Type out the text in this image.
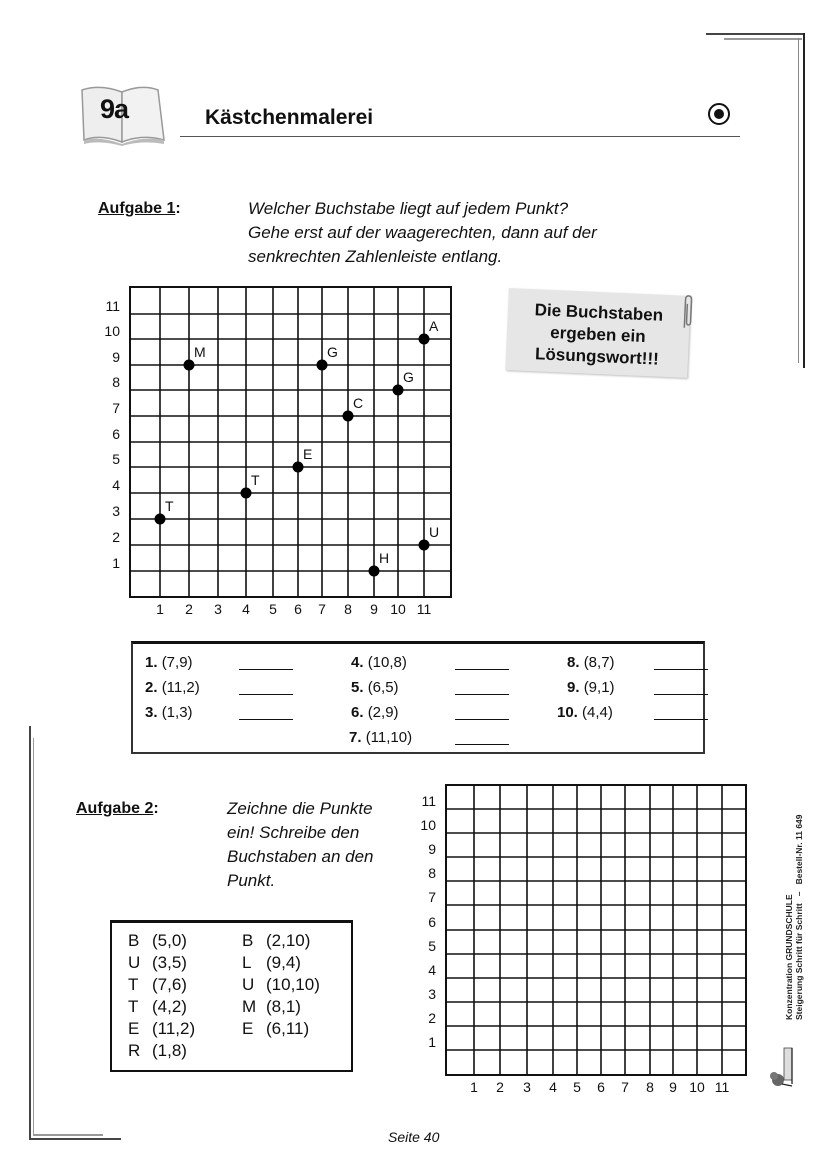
9a	Kästchenmalerei
Aufgabe 1:	Welcher Buchstabe liegt auf jedem Punkt?
Gehe erst auf der waagerechten, dann auf der
senkrechten Zahlenleiste entlang.
1 2 3 4 5 6 7 8 9 10 11
1
2
3
4
5
6
7
8
9
10
11
T
M
T
E
G
C
H
G
A
U
Die Buchstaben
ergeben ein
Lösungswort!!!
1. (7,9)
2. (11,2)
3. (1,3)
4. (10,8)
5. (6,5)
6. (2,9)
7. (11,10)
8. (8,7)
9. (9,1)
10. (4,4)
Aufgabe 2:	Zeichne die Punkte
ein! Schreibe den
Buchstaben an den
Punkt.
B (5,0)
U (3,5)
T (7,6)
T (4,2)
E (11,2)
R (1,8)
B (2,10)
L (9,4)
U (10,10)
M (8,1)
E (6,11)
1 2 3 4 5 6 7 8 9 10 11
1
2
3
4
5
6
7
8
9
10
11
Konzentration GRUNDSCHULE Steigerung Schritt für Schritt   –   Bestell-Nr. 11 649
Seite 40
